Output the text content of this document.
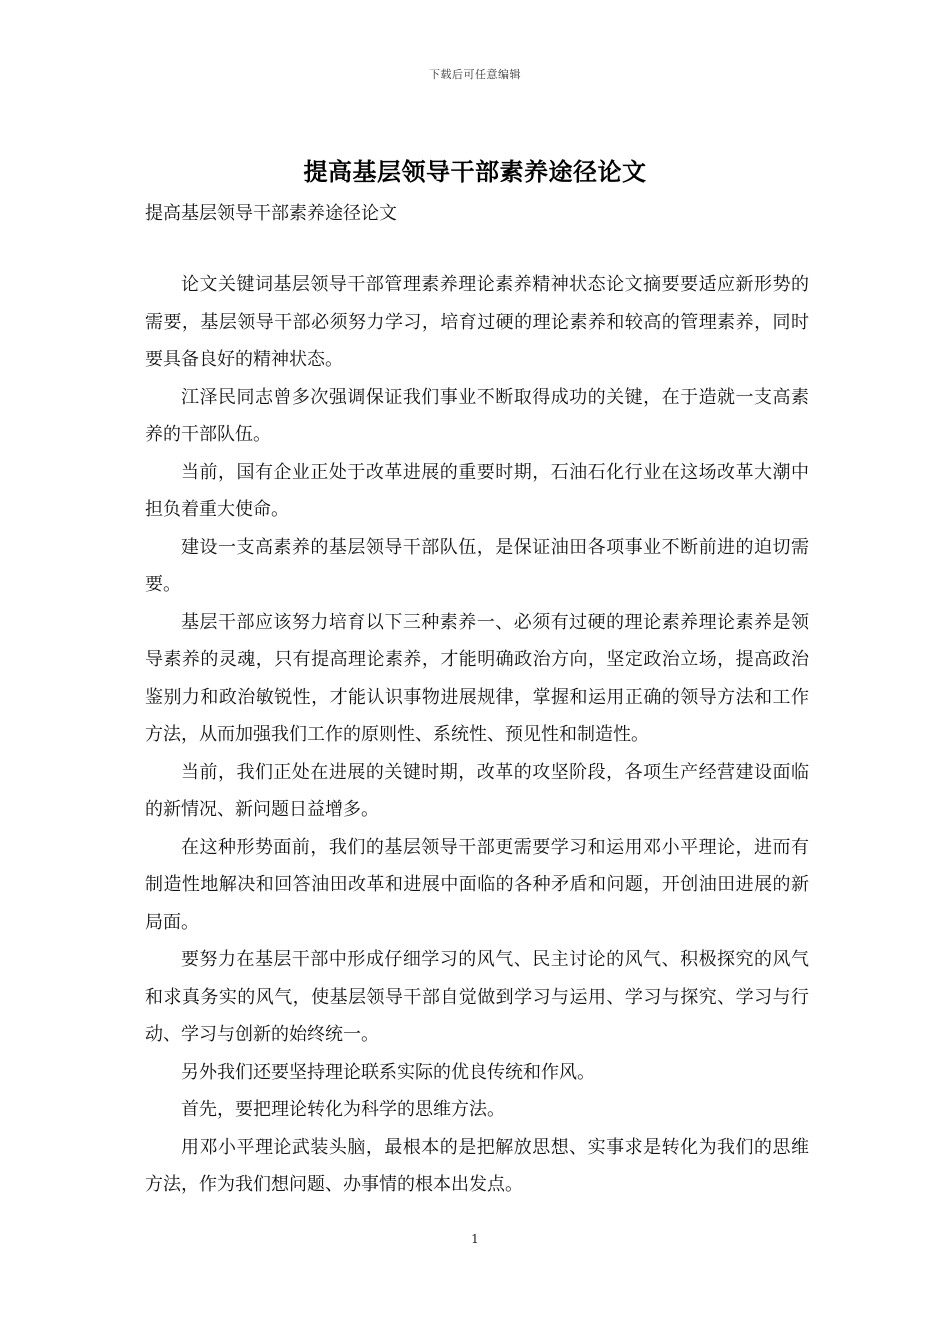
下载后可任意编辑
提高基层领导干部素养途径论文

提高基层领导干部素养途径论文

论文关键词基层领导干部管理素养理论素养精神状态论文摘要要适应新形势的需要，基层领导干部必须努力学习，培育过硬的理论素养和较高的管理素养，同时要具备良好的精神状态。

江泽民同志曾多次强调保证我们事业不断取得成功的关键，在于造就一支高素养的干部队伍。

当前，国有企业正处于改革进展的重要时期，石油石化行业在这场改革大潮中担负着重大使命。

建设一支高素养的基层领导干部队伍，是保证油田各项事业不断前进的迫切需要。

基层干部应该努力培育以下三种素养一、必须有过硬的理论素养理论素养是领导素养的灵魂，只有提高理论素养，才能明确政治方向，坚定政治立场，提高政治鉴别力和政治敏锐性，才能认识事物进展规律，掌握和运用正确的领导方法和工作方法，从而加强我们工作的原则性、系统性、预见性和制造性。

当前，我们正处在进展的关键时期，改革的攻坚阶段，各项生产经营建设面临的新情况、新问题日益增多。

在这种形势面前，我们的基层领导干部更需要学习和运用邓小平理论，进而有制造性地解决和回答油田改革和进展中面临的各种矛盾和问题，开创油田进展的新局面。

要努力在基层干部中形成仔细学习的风气、民主讨论的风气、积极探究的风气和求真务实的风气，使基层领导干部自觉做到学习与运用、学习与探究、学习与行动、学习与创新的始终统一。

另外我们还要坚持理论联系实际的优良传统和作风。

首先，要把理论转化为科学的思维方法。

用邓小平理论武装头脑，最根本的是把解放思想、实事求是转化为我们的思维方法，作为我们想问题、办事情的根本出发点。

1
